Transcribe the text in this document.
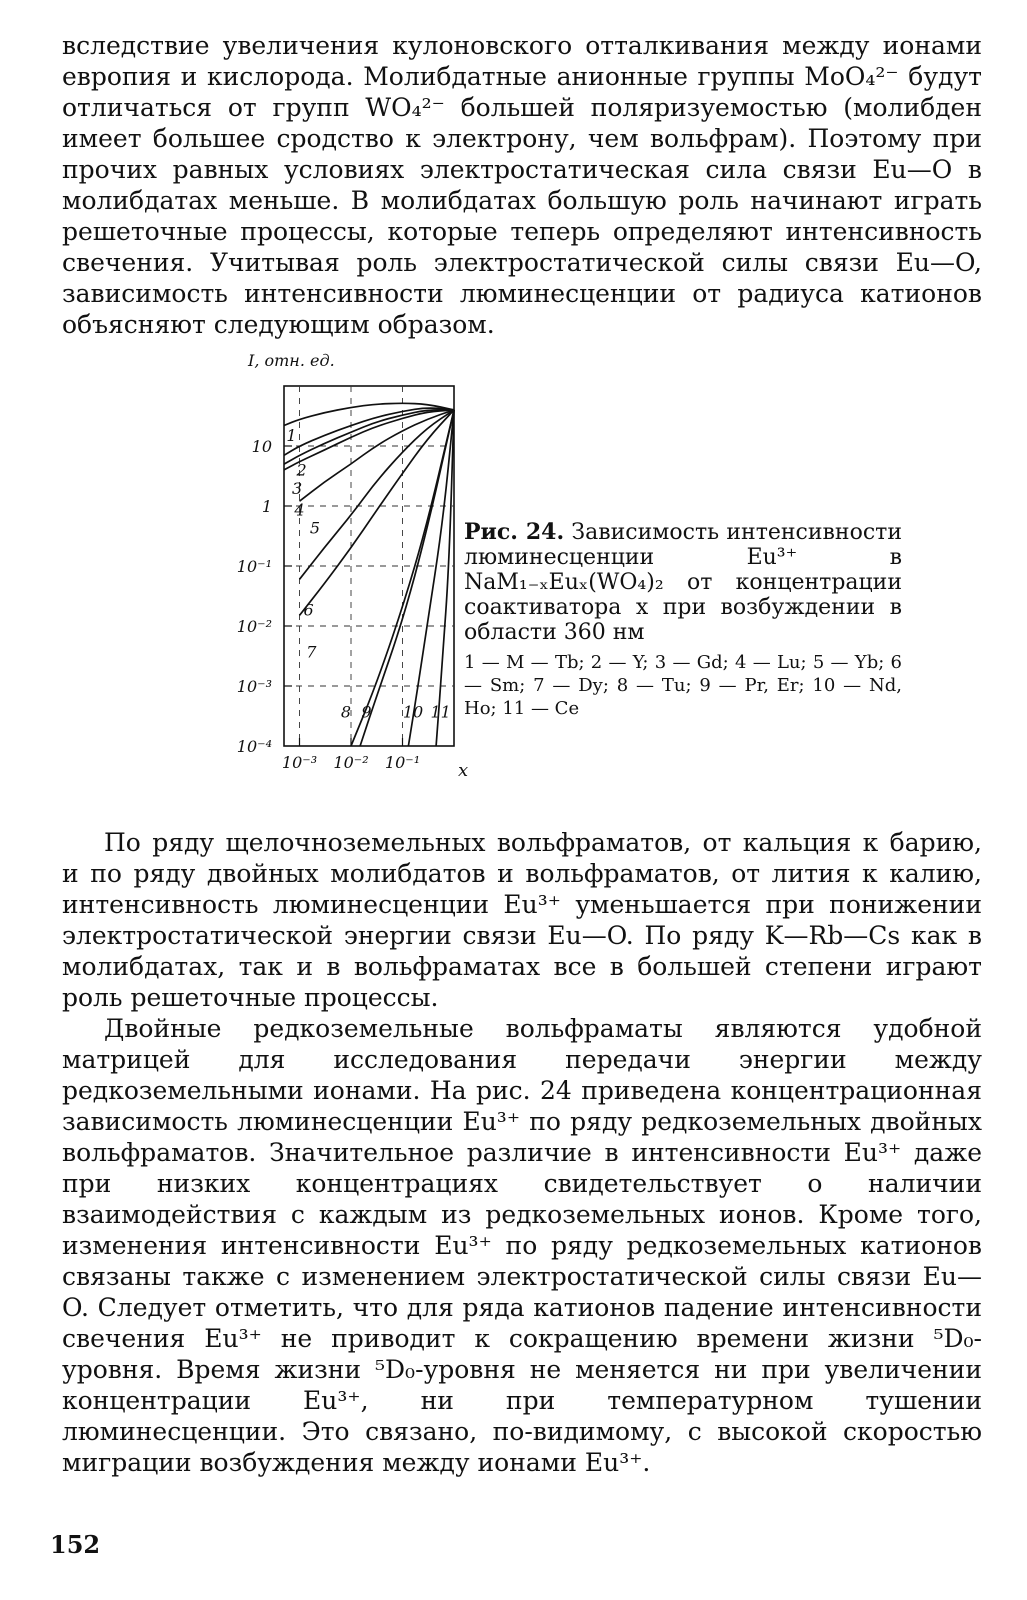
вследствие увеличения кулоновского отталкивания между ионами европия и кислорода. Молибдатные анионные группы MoO₄²⁻ будут отличаться от групп WO₄²⁻ большей поляризуемостью (молибден имеет большее сродство к электрону, чем вольфрам). Поэтому при прочих равных условиях электростатическая сила связи Eu—O в молибдатах меньше. В молибдатах большую роль начинают играть решеточные процессы, которые теперь определяют интенсивность свечения. Учитывая роль электростатической силы связи Eu—O, зависимость интенсивности люминесценции от радиуса катионов объясняют следующим образом.

10
1
10⁻¹
10⁻²
10⁻³
10⁻⁴
10⁻³ 10⁻² 10⁻¹
I, отн. ед.
x
1
2
3
4
5
6
7
8 9 10 11

Рис. 24. Зависимость интенсивности люминесценции Eu³⁺ в NaM₁₋ₓEuₓ(WO₄)₂ от концентрации соактиватора x при возбуждении в области 360 нм

1 — M — Tb; 2 — Y; 3 — Gd; 4 — Lu; 5 — Yb; 6 — Sm; 7 — Dy; 8 — Tu; 9 — Pr, Er; 10 — Nd, Ho; 11 — Ce

По ряду щелочноземельных вольфраматов, от кальция к барию, и по ряду двойных молибдатов и вольфраматов, от лития к калию, интенсивность люминесценции Eu³⁺ уменьшается при понижении электростатической энергии связи Eu—O. По ряду K—Rb—Cs как в молибдатах, так и в вольфраматах все в большей степени играют роль решеточные процессы.

Двойные редкоземельные вольфраматы являются удобной матрицей для исследования передачи энергии между редкоземельными ионами. На рис. 24 приведена концентрационная зависимость люминесценции Eu³⁺ по ряду редкоземельных двойных вольфраматов. Значительное различие в интенсивности Eu³⁺ даже при низких концентрациях свидетельствует о наличии взаимодействия с каждым из редкоземельных ионов. Кроме того, изменения интенсивности Eu³⁺ по ряду редкоземельных катионов связаны также с изменением электростатической силы связи Eu—O. Следует отметить, что для ряда катионов падение интенсивности свечения Eu³⁺ не приводит к сокращению времени жизни ⁵D₀-уровня. Время жизни ⁵D₀-уровня не меняется ни при увеличении концентрации Eu³⁺, ни при температурном тушении люминесценции. Это связано, по-видимому, с высокой скоростью миграции возбуждения между ионами Eu³⁺.

152
